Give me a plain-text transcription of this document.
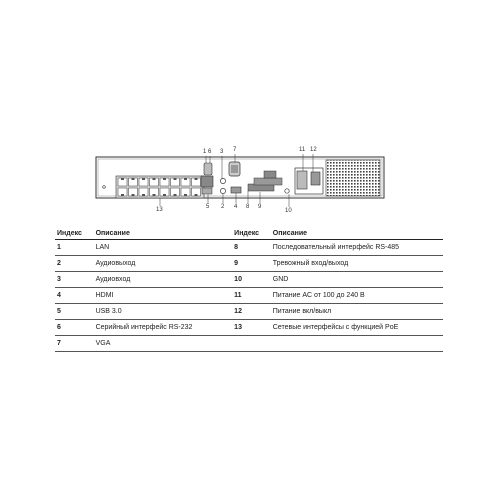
1 6 3 7	11 12
13	5 2 4 8 9
10
Индекс	Описание	Индекс	Описание
1	LAN	8	Последовательный интерфейс RS-485
2	Аудиовыход	9	Тревожный вход/выход
3	Аудиовход	10	GND
4	HDMI	11	Питание AC от 100 до 240 В
5	USB 3.0	12	Питание вкл/выкл
6	Серийный интерфейс RS-232	13	Сетевые интерфейсы с функцией PoE
7	VGA		
